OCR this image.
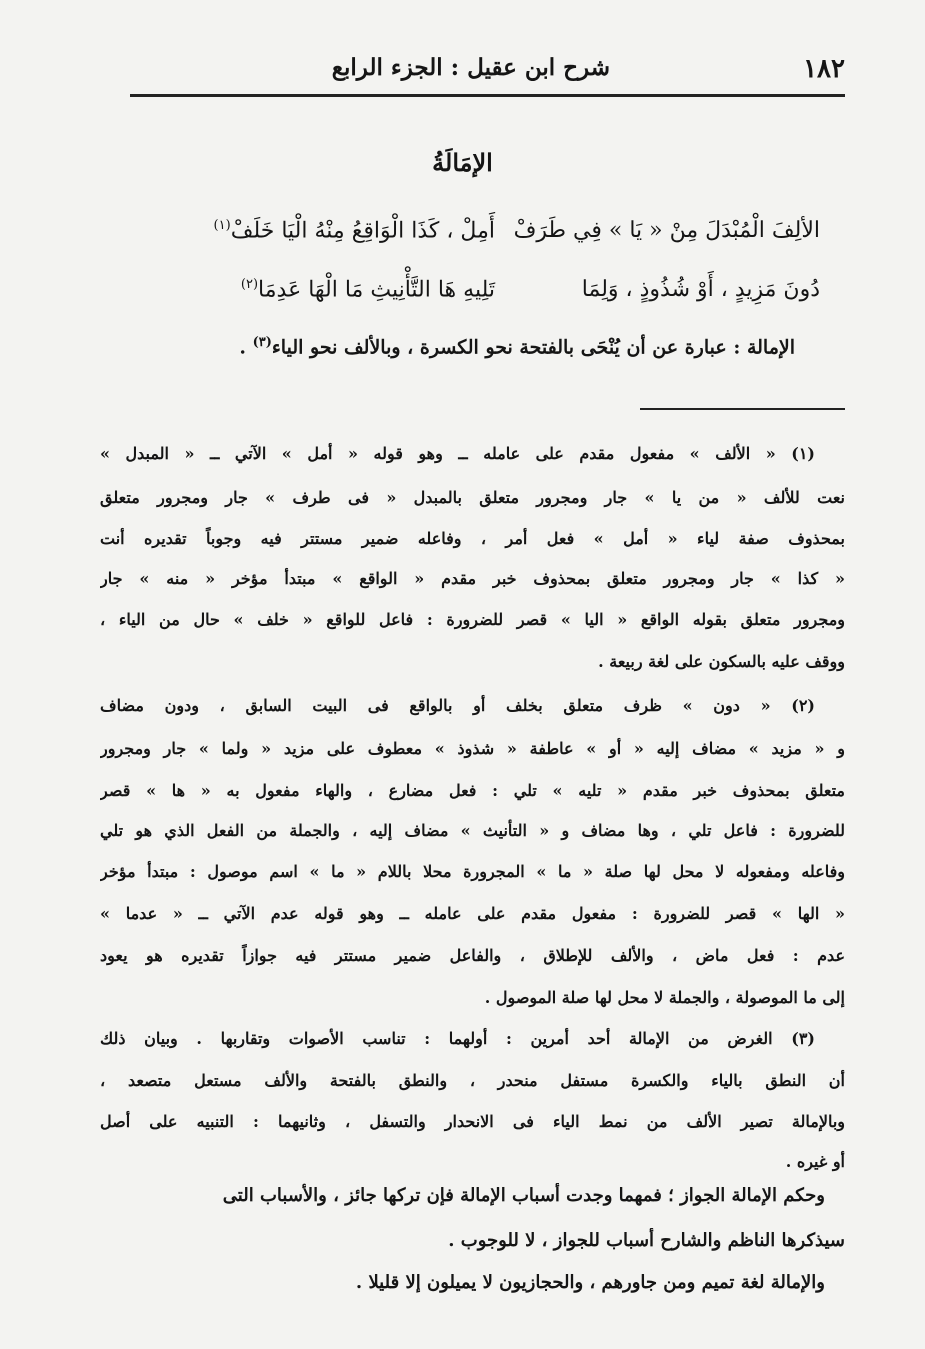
١٨٢
شرح ابن عقيل : الجزء الرابع
الإمَالَةُ
الألِفَ الْمُبْدَلَ مِنْ « يَا » فِي طَرَفْ
أَمِلْ ، كَذَا الْوَاقِعُ مِنْهُ الْيَا خَلَفْ$^{(١)}$
دُونَ مَزِيدٍ ، أَوْ شُذُوذٍ ، وَلِمَا
تَلِيهِ هَا التَّأْنِيثِ مَا الْهَا عَدِمَا$^{(٢)}$
الإمالة : عبارة عن أن يُنْحَى بالفتحة نحو الكسرة ، وبالألف نحو الياء$^{(٣)}$ .
(١) « الألف » مفعول مقدم على عامله ــ وهو قوله « أمل » الآتي ــ « المبدل »
نعت للألف « من يا » جار ومجرور متعلق بالمبدل « فى طرف » جار ومجرور متعلق
بمحذوف صفة لياء « أمل » فعل أمر ، وفاعله ضمير مستتر فيه وجوباً تقديره أنت
« كذا » جار ومجرور متعلق بمحذوف خبر مقدم « الواقع » مبتدأ مؤخر « منه » جار
ومجرور متعلق بقوله الواقع « اليا » قصر للضرورة : فاعل للواقع « خلف » حال من الياء ،
ووقف عليه بالسكون على لغة ربيعة .
(٢) « دون » ظرف متعلق بخلف أو بالواقع فى البيت السابق ، ودون مضاف
و « مزيد » مضاف إليه « أو » عاطفة « شذوذ » معطوف على مزيد « ولما » جار ومجرور
متعلق بمحذوف خبر مقدم « تليه » تلي : فعل مضارع ، والهاء مفعول به « ها » قصر
للضرورة : فاعل تلي ، وها مضاف و « التأنيث » مضاف إليه ، والجملة من الفعل الذي هو تلي
وفاعله ومفعوله لا محل لها صلة « ما » المجرورة محلا باللام « ما » اسم موصول : مبتدأ مؤخر
« الها » قصر للضرورة : مفعول مقدم على عامله ــ وهو قوله عدم الآتي ــ « عدما »
عدم : فعل ماض ، والألف للإطلاق ، والفاعل ضمير مستتر فيه جوازاً تقديره هو يعود
إلى ما الموصولة ، والجملة لا محل لها صلة الموصول .
(٣) الغرض من الإمالة أحد أمرين : أولهما : تناسب الأصوات وتقاربها . وبيان ذلك
أن النطق بالياء والكسرة مستفل منحدر ، والنطق بالفتحة والألف مستعل متصعد ،
وبالإمالة تصير الألف من نمط الياء فى الانحدار والتسفل ، وثانيهما : التنبيه على أصل
أو غيره .
وحكم الإمالة الجواز ؛ فمهما وجدت أسباب الإمالة فإن تركها جائز ، والأسباب التى
سيذكرها الناظم والشارح أسباب للجواز ، لا للوجوب .
والإمالة لغة تميم ومن جاورهم ، والحجازيون لا يميلون إلا قليلا .
